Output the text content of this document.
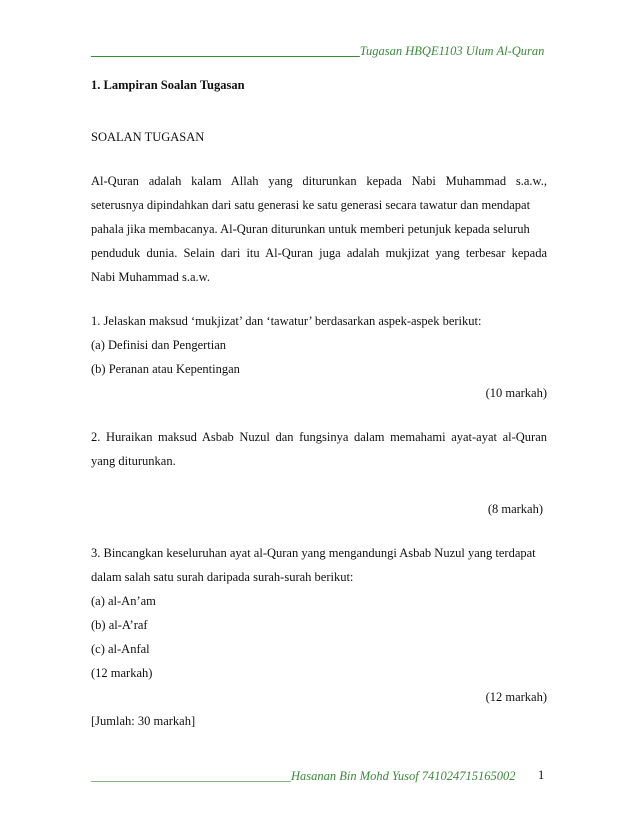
___________________________________________Tugasan HBQE1103 Ulum Al-Quran
1. Lampiran Soalan Tugasan
SOALAN TUGASAN
Al-Quran adalah kalam Allah yang diturunkan kepada Nabi Muhammad s.a.w.,
seterusnya dipindahkan dari satu generasi ke satu generasi secara tawatur dan mendapat
pahala jika membacanya. Al-Quran diturunkan untuk memberi petunjuk kepada seluruh
penduduk dunia. Selain dari itu Al-Quran juga adalah mukjizat yang terbesar kepada
Nabi Muhammad s.a.w.
1. Jelaskan maksud ‘mukjizat’ dan ‘tawatur’ berdasarkan aspek-aspek berikut:
(a) Definisi dan Pengertian
(b) Peranan atau Kepentingan
(10 markah)
2. Huraikan maksud Asbab Nuzul dan fungsinya dalam memahami ayat-ayat al-Quran
yang diturunkan.
(8 markah)
3. Bincangkan keseluruhan ayat al-Quran yang mengandungi Asbab Nuzul yang terdapat
dalam salah satu surah daripada surah-surah berikut:
(a) al-An’am
(b) al-A’raf
(c) al-Anfal
(12 markah)
(12 markah)
[Jumlah: 30 markah]
________________________________Hasanan Bin Mohd Yusof 741024715165002	1
